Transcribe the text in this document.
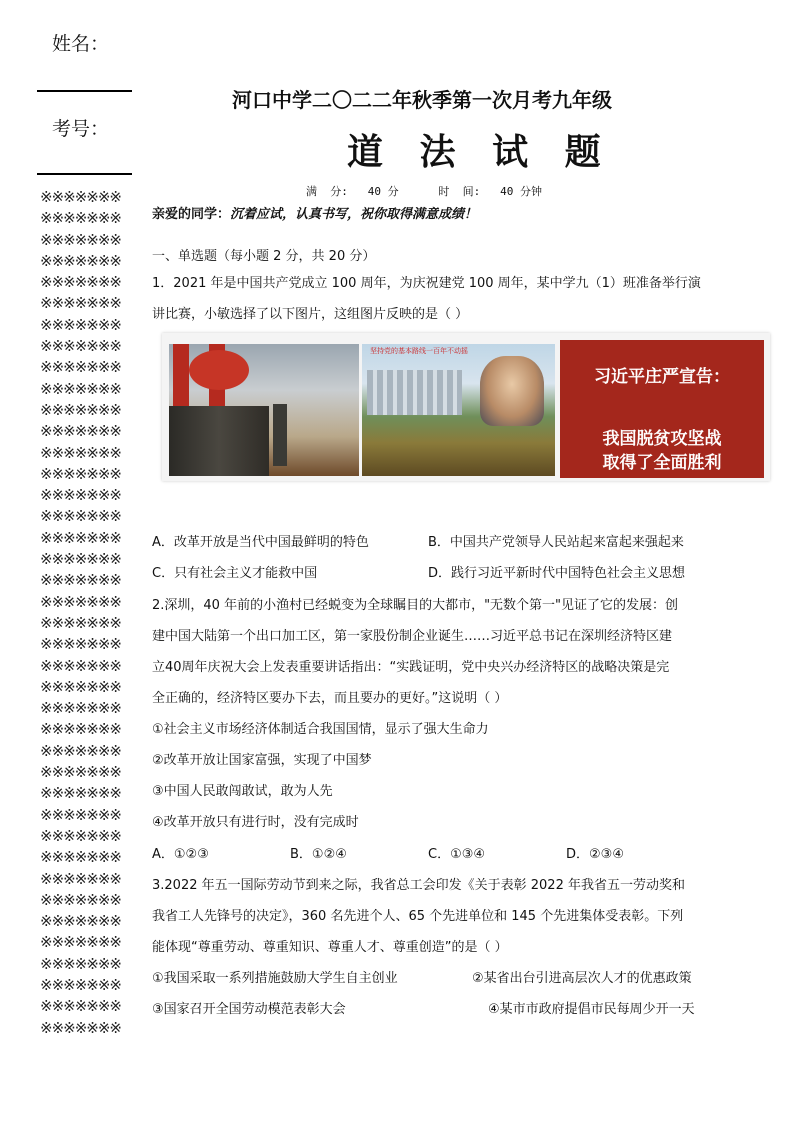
姓名：
考号：
※※※※※※※
※※※※※※※
※※※※※※※
※※※※※※※
※※※※※※※
※※※※※※※
※※※※※※※
※※※※※※※
※※※※※※※
※※※※※※※
※※※※※※※
※※※※※※※
※※※※※※※
※※※※※※※
※※※※※※※
※※※※※※※
※※※※※※※
※※※※※※※
※※※※※※※
※※※※※※※
※※※※※※※
※※※※※※※
※※※※※※※
※※※※※※※
※※※※※※※
※※※※※※※
※※※※※※※
※※※※※※※
※※※※※※※
※※※※※※※
※※※※※※※
※※※※※※※
※※※※※※※
※※※※※※※
※※※※※※※
※※※※※※※
※※※※※※※
※※※※※※※
※※※※※※※
※※※※※※※
河口中学二〇二二年秋季第一次月考九年级
道 法 试 题
满  分:   40 分      时  间:   40 分钟
亲爱的同学：沉着应试，认真书写，祝你取得满意成绩！
一、单选题（每小题 2 分，共 20 分）
1．2021 年是中国共产党成立 100 周年，为庆祝建党 100 周年，某中学九（1）班准备举行演
讲比赛，小敏选择了以下图片，这组图片反映的是（ ）
坚持党的基本路线一百年不动摇
习近平庄严宣告：
我国脱贫攻坚战
取得了全面胜利
A．改革开放是当代中国最鲜明的特色	B．中国共产党领导人民站起来富起来强起来
C．只有社会主义才能救中国	D．践行习近平新时代中国特色社会主义思想
2.深圳，40 年前的小渔村已经蜕变为全球瞩目的大都市，"无数个第一"见证了它的发展：创
建中国大陆第一个出口加工区，第一家股份制企业诞生……习近平总书记在深圳经济特区建
立40周年庆祝大会上发表重要讲话指出：“实践证明，党中央兴办经济特区的战略决策是完
全正确的，经济特区要办下去，而且要办的更好。”这说明（ ）
①社会主义市场经济体制适合我国国情，显示了强大生命力
②改革开放让国家富强，实现了中国梦
③中国人民敢闯敢试，敢为人先
④改革开放只有进行时，没有完成时
A．①②③	B．①②④	C．①③④	D．②③④
3.2022 年五一国际劳动节到来之际，我省总工会印发《关于表彰 2022 年我省五一劳动奖和
我省工人先锋号的决定》，360 名先进个人、65 个先进单位和 145 个先进集体受表彰。下列
能体现“尊重劳动、尊重知识、尊重人才、尊重创造”的是（ ）
①我国采取一系列措施鼓励大学生自主创业	②某省出台引进高层次人才的优惠政策
③国家召开全国劳动模范表彰大会	④某市市政府提倡市民每周少开一天
